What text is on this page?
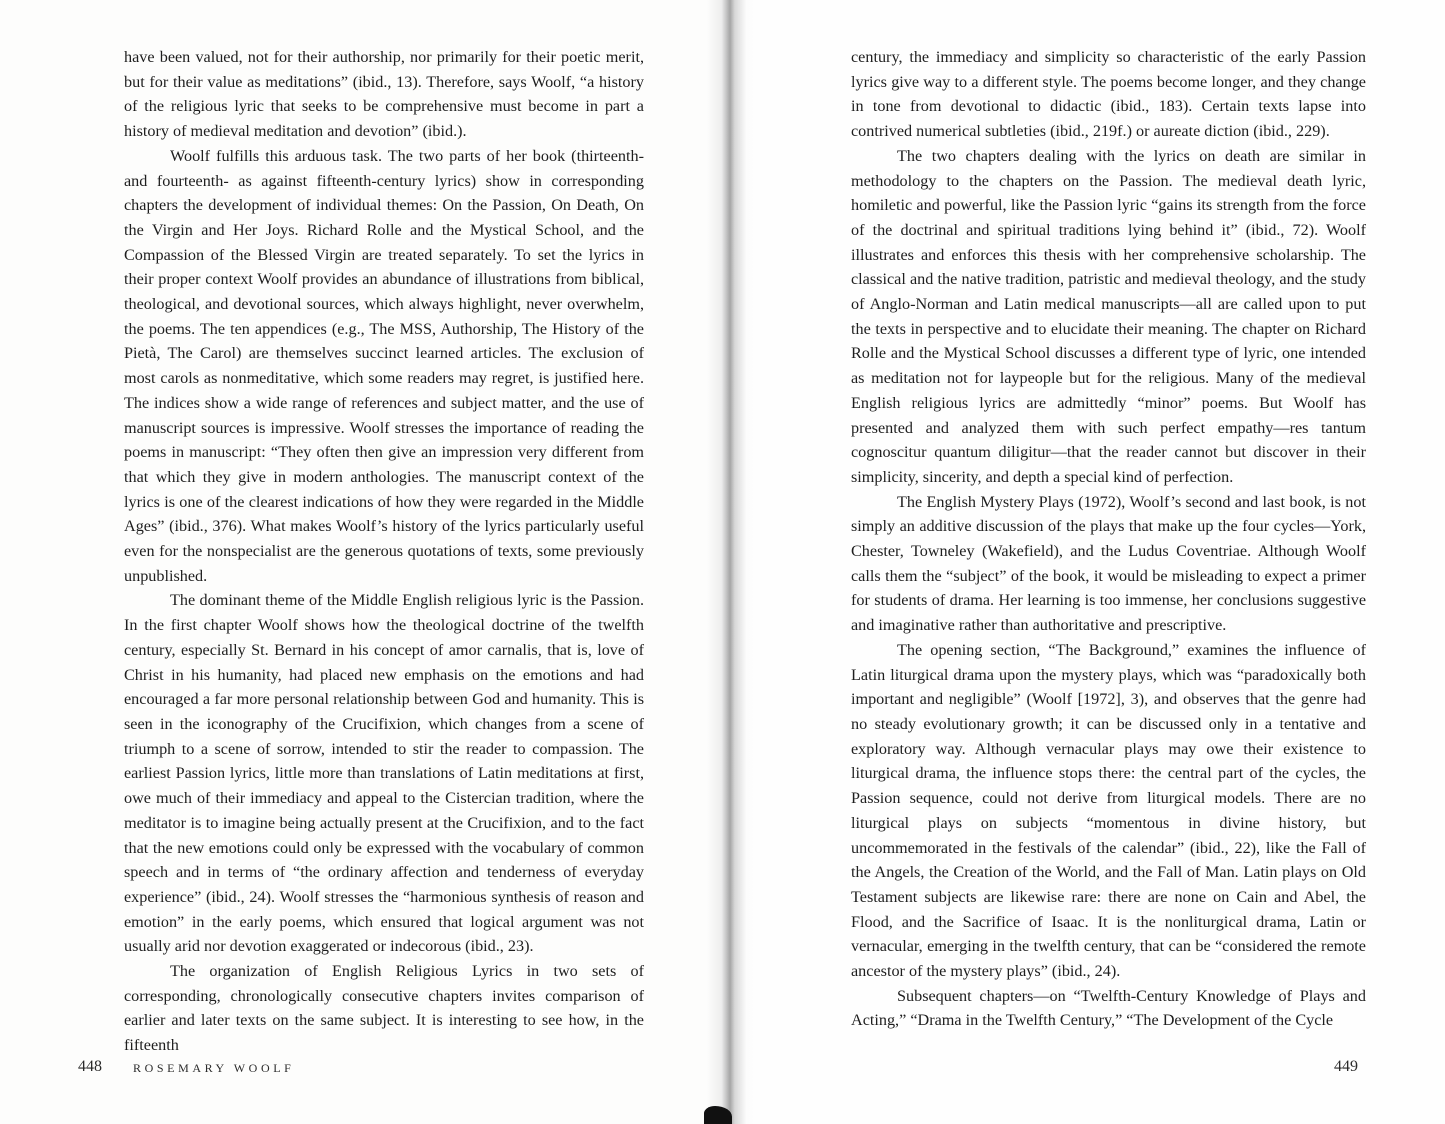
have been valued, not for their authorship, nor primarily for their poetic merit, but for their value as meditations” (ibid., 13). Therefore, says Woolf, “a history of the religious lyric that seeks to be comprehensive must become in part a history of medieval meditation and devotion” (ibid.).

Woolf fulfills this arduous task. The two parts of her book (thirteenth- and fourteenth- as against fifteenth-century lyrics) show in corresponding chapters the development of individual themes: On the Passion, On Death, On the Virgin and Her Joys. Richard Rolle and the Mystical School, and the Compassion of the Blessed Virgin are treated separately. To set the lyrics in their proper context Woolf provides an abundance of illustrations from biblical, theological, and devotional sources, which always highlight, never overwhelm, the poems. The ten appendices (e.g., The MSS, Authorship, The History of the Pietà, The Carol) are themselves succinct learned articles. The exclusion of most carols as nonmeditative, which some readers may regret, is justified here. The indices show a wide range of references and subject matter, and the use of manuscript sources is impressive. Woolf stresses the importance of reading the poems in manuscript: “They often then give an impression very different from that which they give in modern anthologies. The manuscript context of the lyrics is one of the clearest indications of how they were regarded in the Middle Ages” (ibid., 376). What makes Woolf’s history of the lyrics particularly useful even for the nonspecialist are the generous quotations of texts, some previously unpublished.

The dominant theme of the Middle English religious lyric is the Passion. In the first chapter Woolf shows how the theological doctrine of the twelfth century, especially St. Bernard in his concept of amor carnalis, that is, love of Christ in his humanity, had placed new emphasis on the emotions and had encouraged a far more personal relationship between God and humanity. This is seen in the iconography of the Crucifixion, which changes from a scene of triumph to a scene of sorrow, intended to stir the reader to compassion. The earliest Passion lyrics, little more than translations of Latin meditations at first, owe much of their immediacy and appeal to the Cistercian tradition, where the meditator is to imagine being actually present at the Crucifixion, and to the fact that the new emotions could only be expressed with the vocabulary of common speech and in terms of “the ordinary affection and tenderness of everyday experience” (ibid., 24). Woolf stresses the “harmonious synthesis of reason and emotion” in the early poems, which ensured that logical argument was not usually arid nor devotion exaggerated or indecorous (ibid., 23).

The organization of English Religious Lyrics in two sets of corresponding, chronologically consecutive chapters invites comparison of earlier and later texts on the same subject. It is interesting to see how, in the fifteenth

448	ROSEMARY WOOLF

century, the immediacy and simplicity so characteristic of the early Passion lyrics give way to a different style. The poems become longer, and they change in tone from devotional to didactic (ibid., 183). Certain texts lapse into contrived numerical subtleties (ibid., 219f.) or aureate diction (ibid., 229).

The two chapters dealing with the lyrics on death are similar in methodology to the chapters on the Passion. The medieval death lyric, homiletic and powerful, like the Passion lyric “gains its strength from the force of the doctrinal and spiritual traditions lying behind it” (ibid., 72). Woolf illustrates and enforces this thesis with her comprehensive scholarship. The classical and the native tradition, patristic and medieval theology, and the study of Anglo-Norman and Latin medical manuscripts—all are called upon to put the texts in perspective and to elucidate their meaning. The chapter on Richard Rolle and the Mystical School discusses a different type of lyric, one intended as meditation not for laypeople but for the religious. Many of the medieval English religious lyrics are admittedly “minor” poems. But Woolf has presented and analyzed them with such perfect empathy—res tantum cognoscitur quantum diligitur—that the reader cannot but discover in their simplicity, sincerity, and depth a special kind of perfection.

The English Mystery Plays (1972), Woolf’s second and last book, is not simply an additive discussion of the plays that make up the four cycles—York, Chester, Towneley (Wakefield), and the Ludus Coventriae. Although Woolf calls them the “subject” of the book, it would be misleading to expect a primer for students of drama. Her learning is too immense, her conclusions suggestive and imaginative rather than authoritative and prescriptive.

The opening section, “The Background,” examines the influence of Latin liturgical drama upon the mystery plays, which was “paradoxically both important and negligible” (Woolf [1972], 3), and observes that the genre had no steady evolutionary growth; it can be discussed only in a tentative and exploratory way. Although vernacular plays may owe their existence to liturgical drama, the influence stops there: the central part of the cycles, the Passion sequence, could not derive from liturgical models. There are no liturgical plays on subjects “momentous in divine history, but uncommemorated in the festivals of the calendar” (ibid., 22), like the Fall of the Angels, the Creation of the World, and the Fall of Man. Latin plays on Old Testament subjects are likewise rare: there are none on Cain and Abel, the Flood, and the Sacrifice of Isaac. It is the nonliturgical drama, Latin or vernacular, emerging in the twelfth century, that can be “considered the remote ancestor of the mystery plays” (ibid., 24).

Subsequent chapters—on “Twelfth-Century Knowledge of Plays and Acting,” “Drama in the Twelfth Century,” “The Development of the Cycle

449
